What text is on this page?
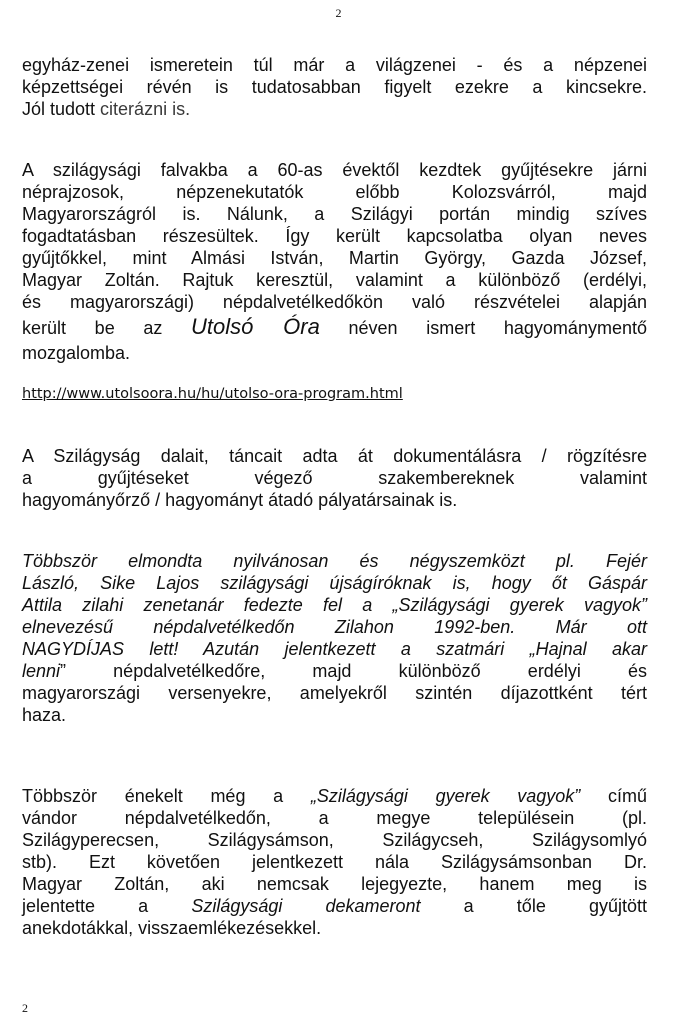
2
egyház-zenei ismeretein túl már a világzenei - és a népzenei
képzettségei révén is tudatosabban figyelt ezekre a kincsekre.
Jól tudott citerázni is.
A szilágysági falvakba a 60-as évektől kezdtek gyűjtésekre járni
néprajzosok, népzenekutatók előbb Kolozsvárról, majd
Magyarországról is. Nálunk, a Szilágyi portán mindig szíves
fogadtatásban részesültek. Így került kapcsolatba olyan neves
gyűjtőkkel, mint Almási István, Martin György, Gazda József,
Magyar Zoltán. Rajtuk keresztül, valamint a különböző (erdélyi,
és magyarországi) népdalvetélkedőkön való részvételei alapján
került be az Utolsó Óra néven ismert hagyománymentő
mozgalomba.
http://www.utolsoora.hu/hu/utolso-ora-program.html
A Szilágyság dalait, táncait adta át dokumentálásra / rögzítésre
a gyűjtéseket végező szakembereknek valamint
hagyományőrző / hagyományt átadó pályatársainak is.
Többször elmondta nyilvánosan és négyszemközt pl. Fejér
László, Sike Lajos szilágysági újságíróknak is, hogy őt Gáspár
Attila zilahi zenetanár fedezte fel a „Szilágysági gyerek vagyok”
elnevezésű népdalvetélkedőn Zilahon 1992-ben. Már ott
NAGYDÍJAS lett! Azután jelentkezett a szatmári „Hajnal akar
lenni” népdalvetélkedőre, majd különböző erdélyi és
magyarországi versenyekre, amelyekről szintén díjazottként tért
haza.
Többször énekelt még a „Szilágysági gyerek vagyok” című
vándor népdalvetélkedőn, a megye településein (pl.
Szilágyperecsen, Szilágysámson, Szilágycseh, Szilágysomlyó
stb). Ezt követően jelentkezett nála Szilágysámsonban Dr.
Magyar Zoltán, aki nemcsak lejegyezte, hanem meg is
jelentette a Szilágysági dekameront a tőle gyűjtött
anekdotákkal, visszaemlékezésekkel.
2
